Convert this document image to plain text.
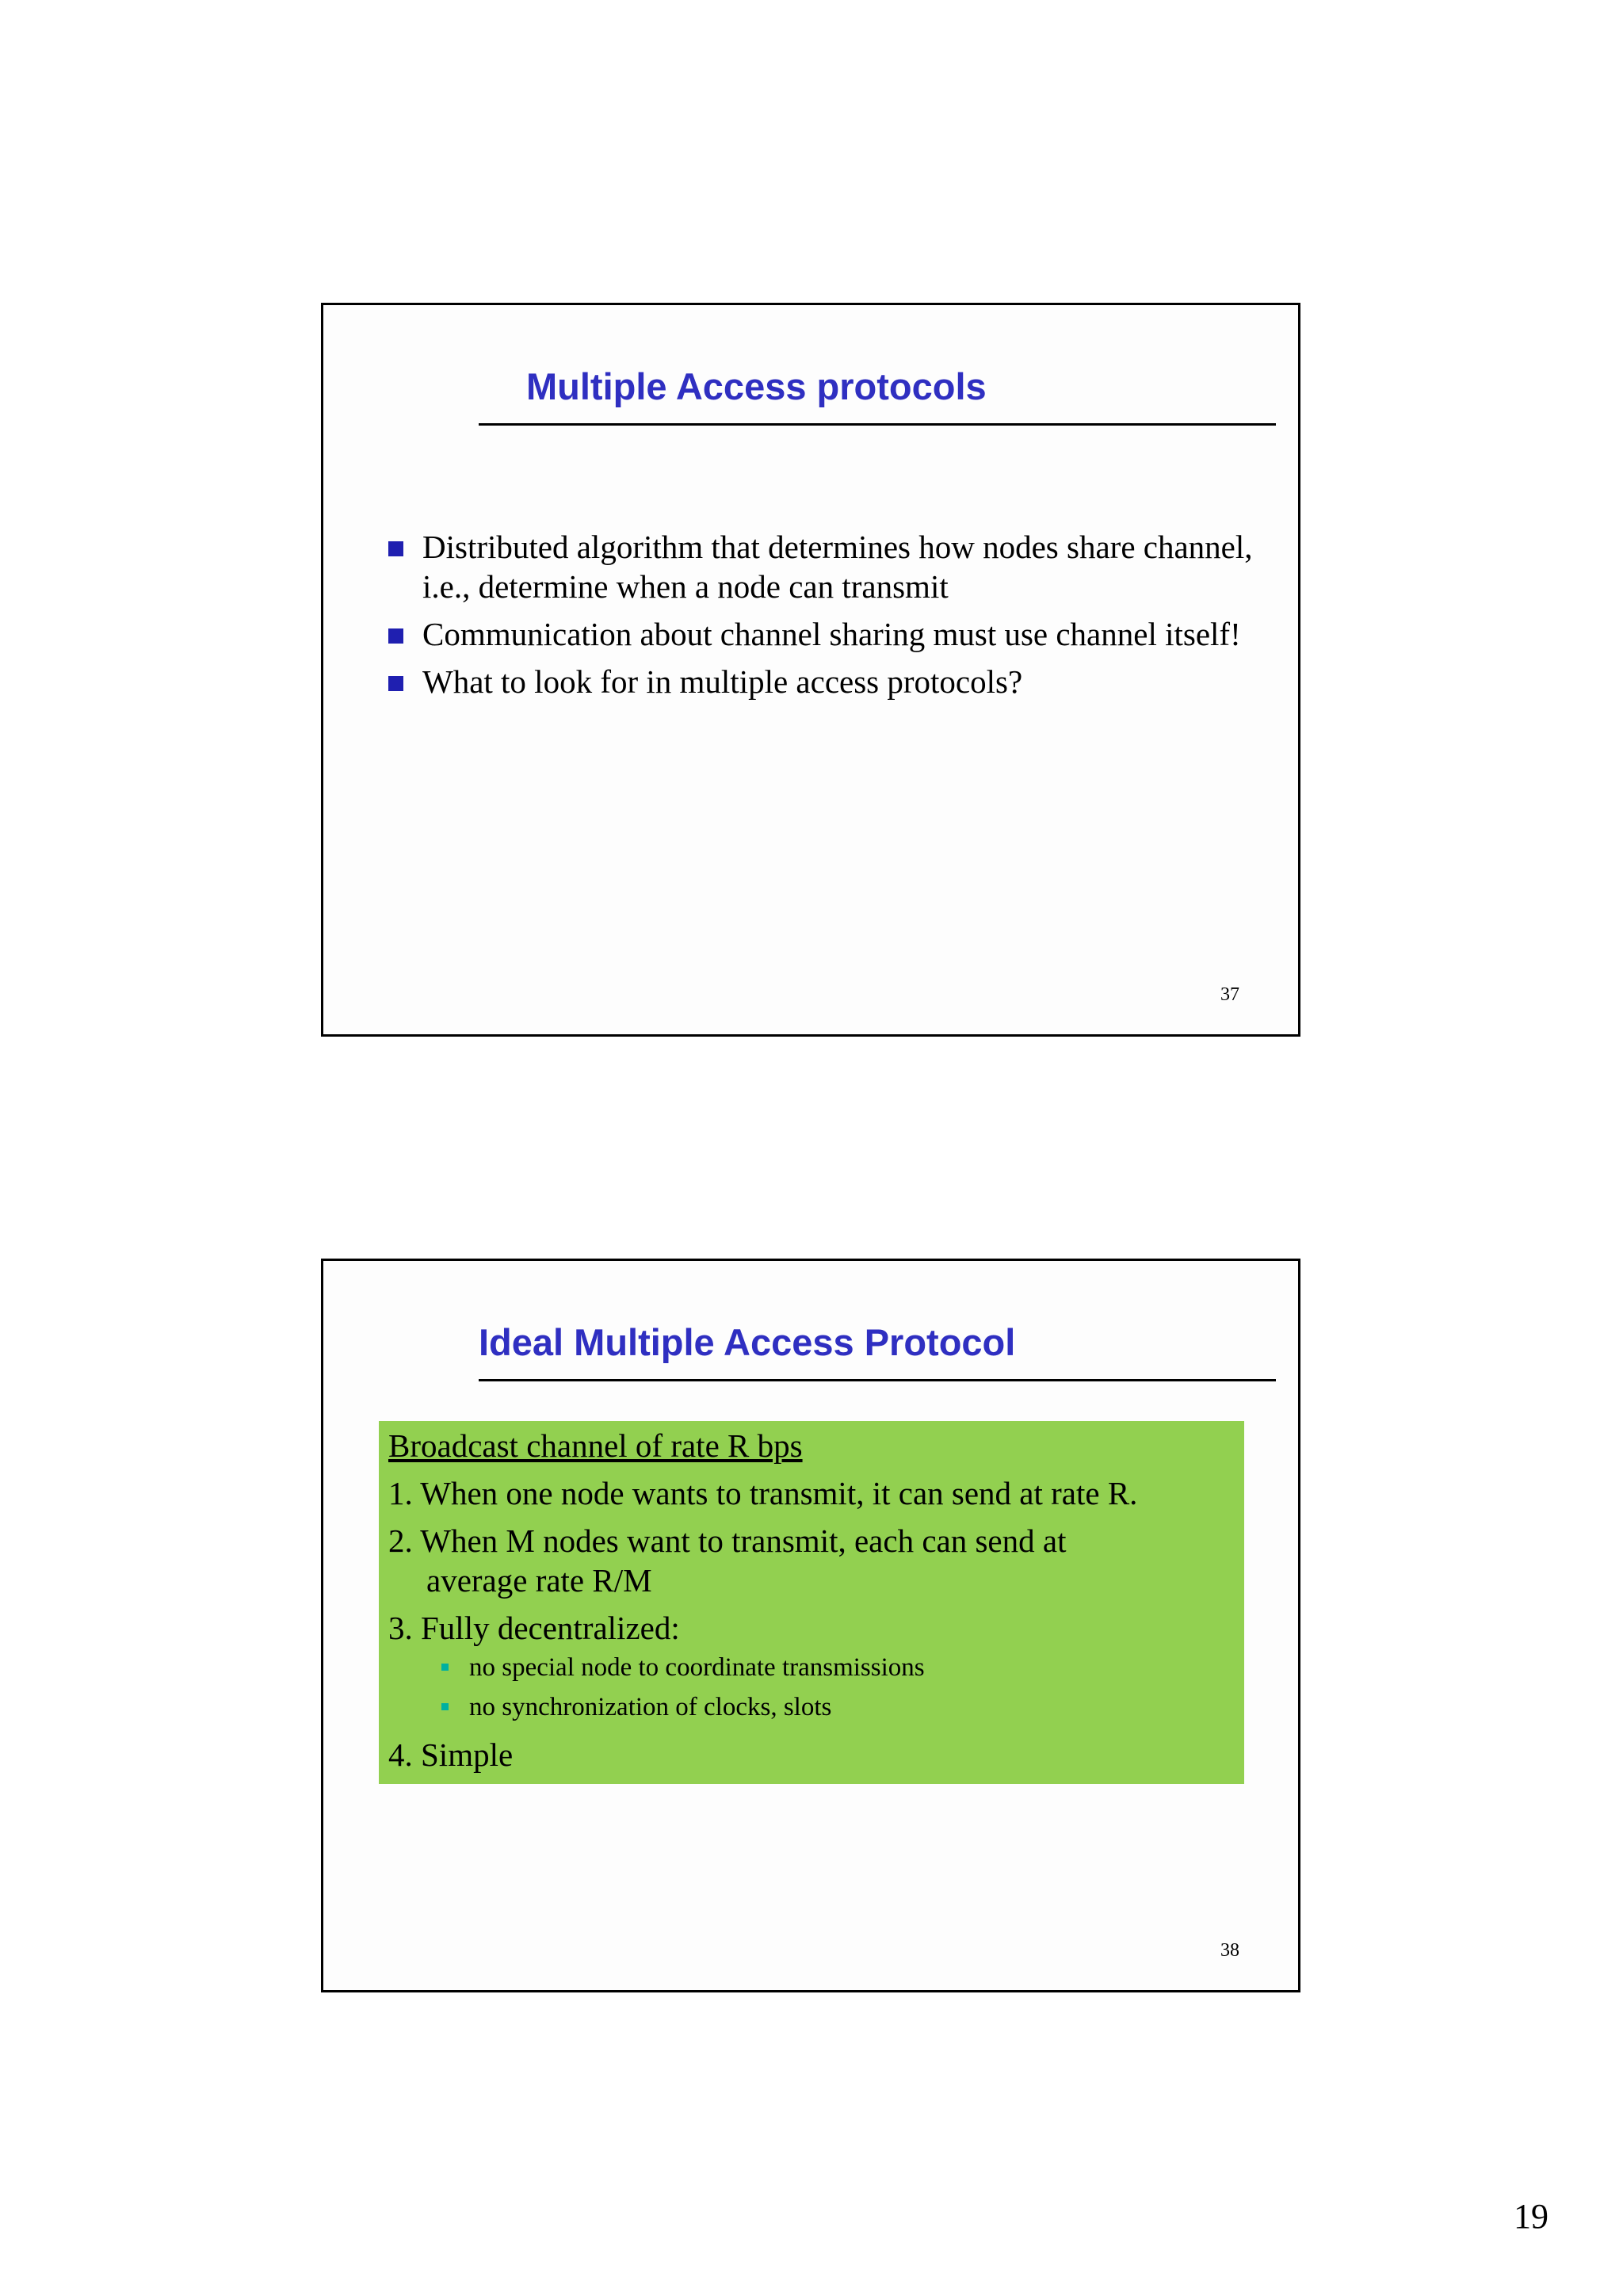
Multiple Access protocols
Distributed algorithm that determines how nodes share channel, i.e., determine when a node can transmit
Communication about channel sharing must use channel itself!
What to look for in multiple access protocols?
37
Ideal Multiple Access Protocol

Broadcast channel of rate R bps

1. When one node wants to transmit, it can send at rate R.

2. When M nodes want to transmit, each can send at

average rate R/M

3. Fully decentralized:

no special node to coordinate transmissions
no synchronization of clocks, slots

4. Simple

38
19
